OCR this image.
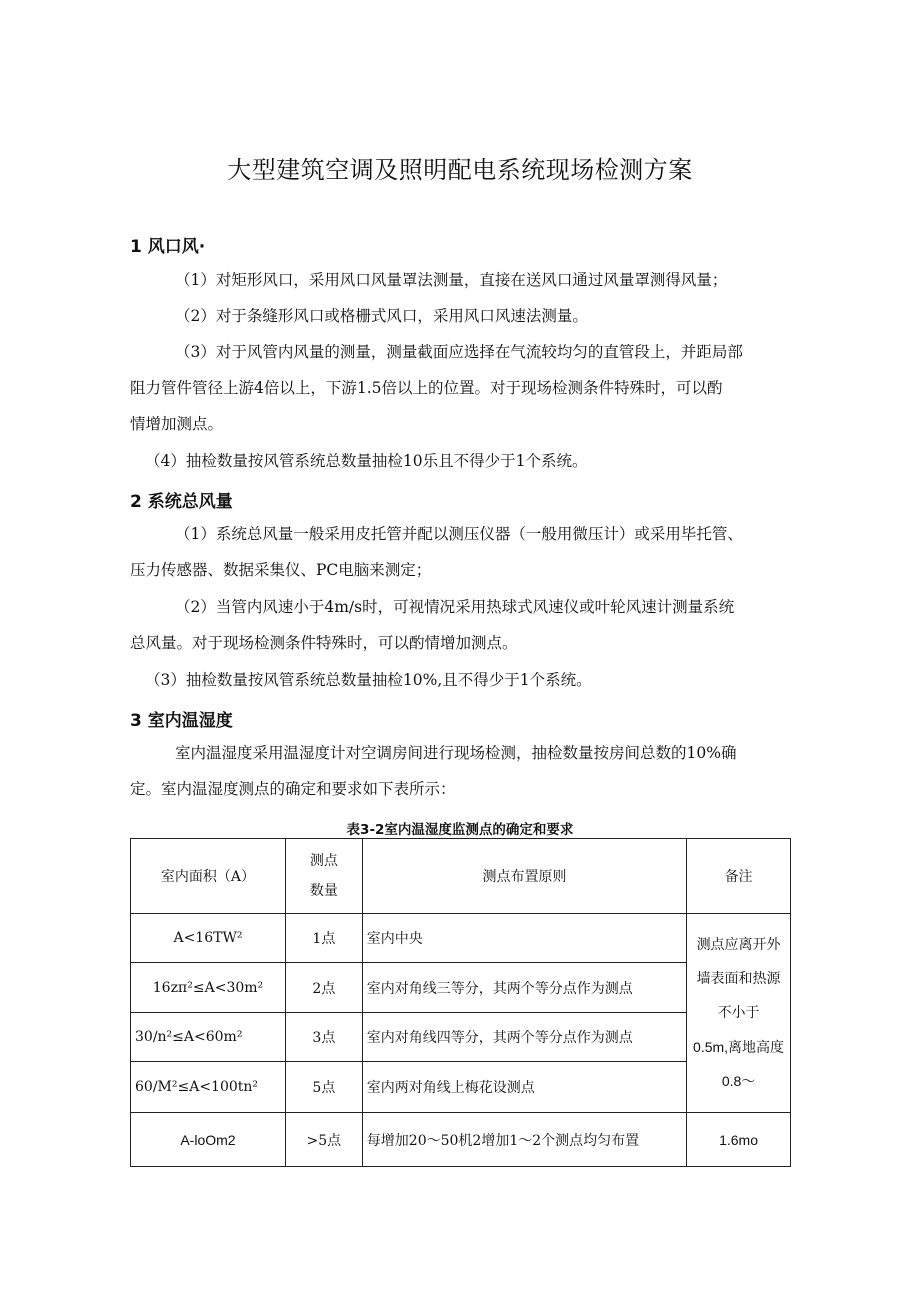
大型建筑空调及照明配电系统现场检测方案
1 风口风·
（1）对矩形风口，采用风口风量罩法测量，直接在送风口通过风量罩测得风量；
（2）对于条缝形风口或格栅式风口，采用风口风速法测量。
（3）对于风管内风量的测量，测量截面应选择在气流较均匀的直管段上，并距局部
阻力管件管径上游4倍以上，下游1.5倍以上的位置。对于现场检测条件特殊时，可以酌
情增加测点。
（4）抽检数量按风管系统总数量抽检10乐且不得少于1个系统。
2 系统总风量
（1）系统总风量一般采用皮托管并配以测压仪器（一般用微压计）或采用毕托管、
压力传感器、数据采集仪、PC电脑来测定；
（2）当管内风速小于4m∕s时，可视情况采用热球式风速仪或叶轮风速计测量系统
总风量。对于现场检测条件特殊时，可以酌情增加测点。
（3）抽检数量按风管系统总数量抽检10%,且不得少于1个系统。
3 室内温湿度
室内温湿度采用温湿度计对空调房间进行现场检测，抽检数量按房间总数的10%确
定。室内温湿度测点的确定和要求如下表所示：
表3-2室内温湿度监测点的确定和要求
室内面积（A）	测点
数量	测点布置原则	备注
A<16TW²	1点	室内中央	测点应离开外
墙表面和热源
不小于
0.5m,离地高度
0.8～

16zп²≤A<30m²	2点	室内对角线三等分，其两个等分点作为测点	
30∕n²≤A<60m²	3点	室内对角线四等分，其两个等分点作为测点	
60∕M²≤A<100tn²	5点	室内两对角线上梅花设测点	
A-loOm2	>5点	每增加20～50机2增加1～2个测点均匀布置	1.6mo
